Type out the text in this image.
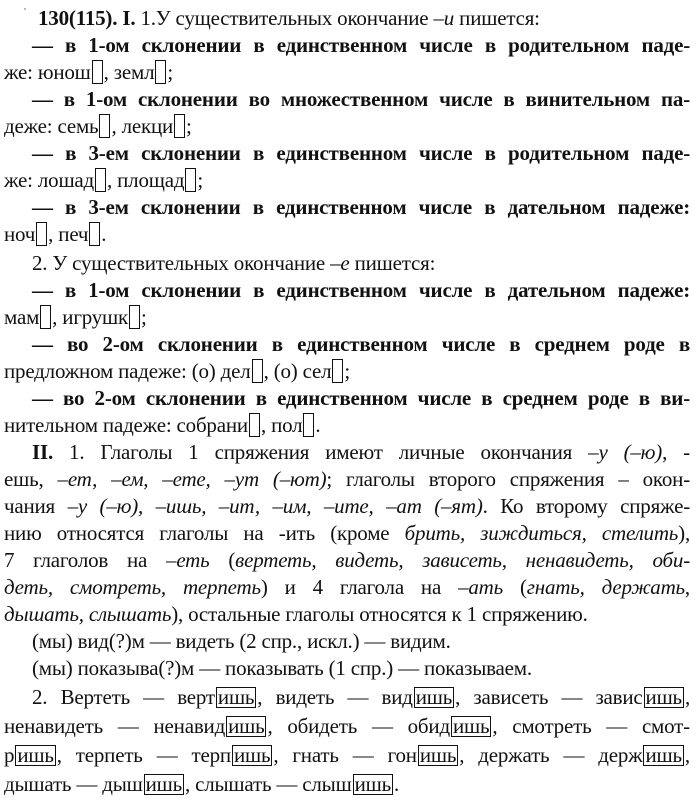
130(115). I. 1.У существительных окончание –и пишется:
— в 1-ом склонении в единственном числе в родительном паде-
же: юнош , земл ;
— в 1-ом склонении во множественном числе в винительном па-
деже: семь , лекци ;
— в 3-ем склонении в единственном числе в родительном паде-
же: лошад , площад ;
— в 3-ем склонении в единственном числе в дательном падеже:
ноч , печ .
2. У существительных окончание –е пишется:
— в 1-ом склонении в единственном числе в дательном падеже:
мам , игрушк ;
— во 2-ом склонении в единственном числе в среднем роде в
предложном падеже: (о) дел , (о) сел ;
— во 2-ом склонении в единственном числе в среднем роде в ви-
нительном падеже: собрани , пол .
II. 1. Глаголы 1 спряжения имеют личные окончания –у (–ю), -
ешь, –ет, –ем, –ете, –ут (–ют); глаголы второго спряжения – окон-
чания –у (–ю), –ишь, –ит, –им, –ите, –ат (–ят). Ко второму спряже-
нию относятся глаголы на -ить (кроме брить, зиждиться, стелить),
7 глаголов на –еть (вертеть, видеть, зависеть, ненавидеть, оби-
деть, смотреть, терпеть) и 4 глагола на –ать (гнать, держать,
дышать, слышать), остальные глаголы относятся к 1 спряжению.
(мы) вид(?)м — видеть (2 спр., искл.) — видим.
(мы) показыва(?)м — показывать (1 спр.) — показываем.
2. Вертеть — верт ишь , видеть — вид ишь , зависеть — завис ишь ,
ненавидеть — ненавид ишь , обидеть — обид ишь , смотреть — смот-
р ишь , терпеть — терп ишь , гнать — гон ишь , держать — держ ишь ,
дышать — дыш ишь , слышать — слыш ишь .
